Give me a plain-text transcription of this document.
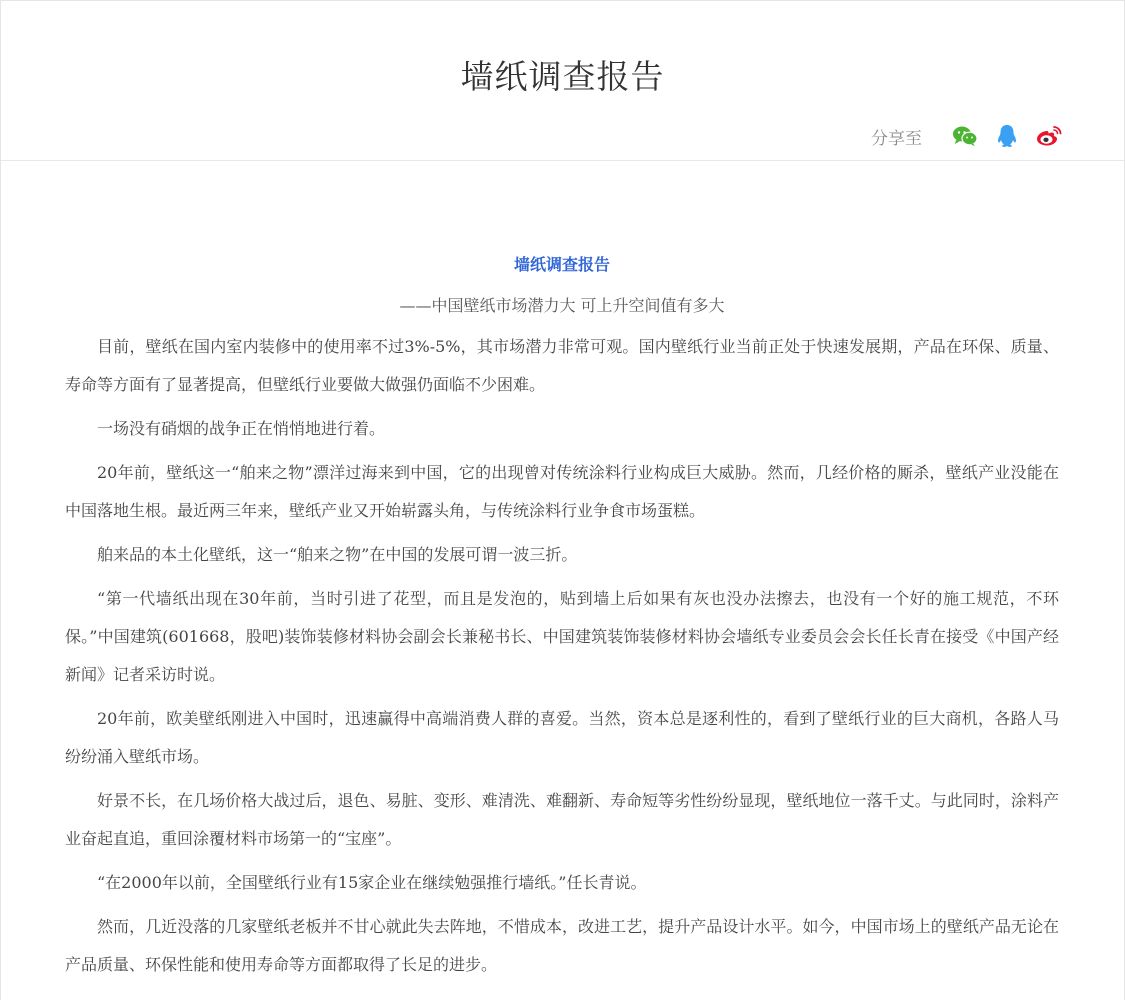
墙纸调查报告
分享至
墙纸调查报告
——中国壁纸市场潜力大 可上升空间值有多大

目前，壁纸在国内室内装修中的使用率不过3%-5%，其市场潜力非常可观。国内壁纸行业当前正处于快速发展期，产品在环保、质量、寿命等方面有了显著提高，但壁纸行业要做大做强仍面临不少困难。

一场没有硝烟的战争正在悄悄地进行着。

20年前，壁纸这一“舶来之物”漂洋过海来到中国，它的出现曾对传统涂料行业构成巨大威胁。然而，几经价格的厮杀，壁纸产业没能在中国落地生根。最近两三年来，壁纸产业又开始崭露头角，与传统涂料行业争食市场蛋糕。

舶来品的本土化壁纸，这一“舶来之物”在中国的发展可谓一波三折。

“第一代墙纸出现在30年前，当时引进了花型，而且是发泡的，贴到墙上后如果有灰也没办法擦去，也没有一个好的施工规范，不环保。”中国建筑(601668，股吧)装饰装修材料协会副会长兼秘书长、中国建筑装饰装修材料协会墙纸专业委员会会长任长青在接受《中国产经新闻》记者采访时说。

20年前，欧美壁纸刚进入中国时，迅速赢得中高端消费人群的喜爱。当然，资本总是逐利性的，看到了壁纸行业的巨大商机，各路人马纷纷涌入壁纸市场。

好景不长，在几场价格大战过后，退色、易脏、变形、难清洗、难翻新、寿命短等劣性纷纷显现，壁纸地位一落千丈。与此同时，涂料产业奋起直追，重回涂覆材料市场第一的“宝座”。

“在2000年以前，全国壁纸行业有15家企业在继续勉强推行墙纸。”任长青说。

然而，几近没落的几家壁纸老板并不甘心就此失去阵地，不惜成本，改进工艺，提升产品设计水平。如今，中国市场上的壁纸产品无论在产品质量、环保性能和使用寿命等方面都取得了长足的进步。
